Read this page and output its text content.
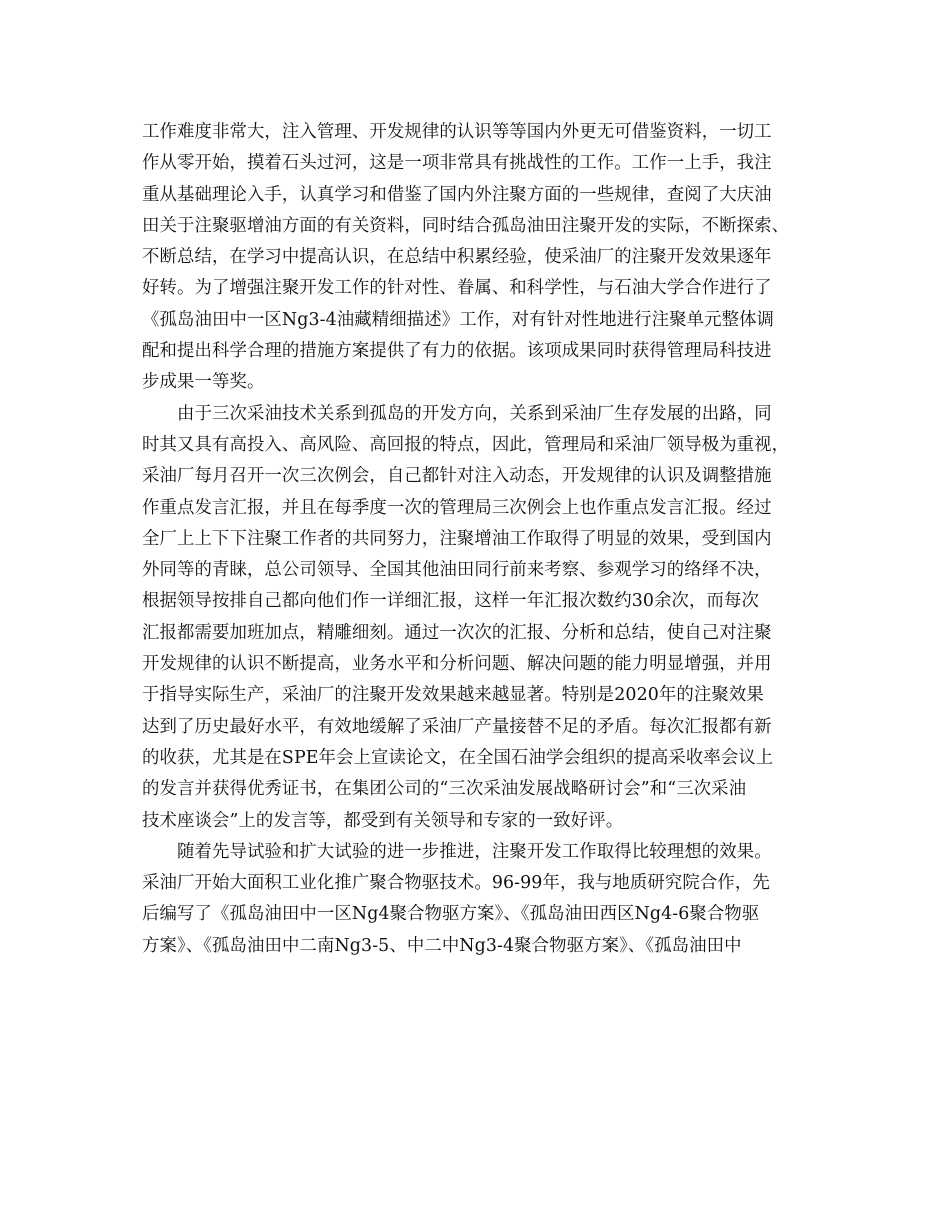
工作难度非常大，注入管理、开发规律的认识等等国内外更无可借鉴资料，一切工
作从零开始，摸着石头过河，这是一项非常具有挑战性的工作。工作一上手，我注
重从基础理论入手，认真学习和借鉴了国内外注聚方面的一些规律，查阅了大庆油
田关于注聚驱增油方面的有关资料，同时结合孤岛油田注聚开发的实际，不断探索、
不断总结，在学习中提高认识，在总结中积累经验，使采油厂的注聚开发效果逐年
好转。为了增强注聚开发工作的针对性、眷属、和科学性，与石油大学合作进行了
《孤岛油田中一区Ng3-4油藏精细描述》工作，对有针对性地进行注聚单元整体调
配和提出科学合理的措施方案提供了有力的依据。该项成果同时获得管理局科技进
步成果一等奖。
由于三次采油技术关系到孤岛的开发方向，关系到采油厂生存发展的出路，同
时其又具有高投入、高风险、高回报的特点，因此，管理局和采油厂领导极为重视，
采油厂每月召开一次三次例会，自己都针对注入动态，开发规律的认识及调整措施
作重点发言汇报，并且在每季度一次的管理局三次例会上也作重点发言汇报。经过
全厂上上下下注聚工作者的共同努力，注聚增油工作取得了明显的效果，受到国内
外同等的青睐，总公司领导、全国其他油田同行前来考察、参观学习的络绎不决，
根据领导按排自己都向他们作一详细汇报，这样一年汇报次数约30余次，而每次
汇报都需要加班加点，精雕细刻。通过一次次的汇报、分析和总结，使自己对注聚
开发规律的认识不断提高，业务水平和分析问题、解决问题的能力明显增强，并用
于指导实际生产，采油厂的注聚开发效果越来越显著。特别是2020年的注聚效果
达到了历史最好水平，有效地缓解了采油厂产量接替不足的矛盾。每次汇报都有新
的收获，尤其是在SPE年会上宣读论文，在全国石油学会组织的提高采收率会议上
的发言并获得优秀证书，在集团公司的“三次采油发展战略研讨会”和“三次采油
技术座谈会”上的发言等，都受到有关领导和专家的一致好评。
随着先导试验和扩大试验的进一步推进，注聚开发工作取得比较理想的效果。
采油厂开始大面积工业化推广聚合物驱技术。96-99年，我与地质研究院合作，先
后编写了《孤岛油田中一区Ng4聚合物驱方案》、《孤岛油田西区Ng4-6聚合物驱
方案》、《孤岛油田中二南Ng3-5、中二中Ng3-4聚合物驱方案》、《孤岛油田中
